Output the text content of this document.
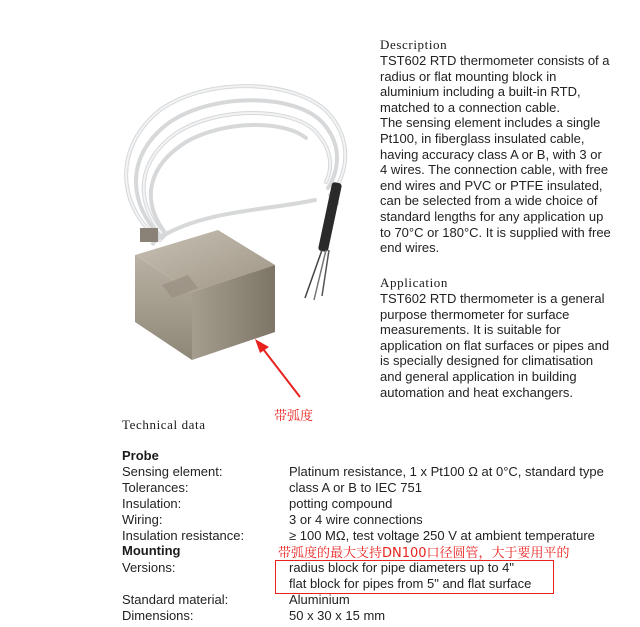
Description

TST602 RTD thermometer consists of a
radius or flat mounting block in
aluminium including a built-in RTD,
matched to a connection cable.
The sensing element includes a single
Pt100, in fiberglass insulated cable,
having accuracy class A or B, with 3 or
4 wires. The connection cable, with free
end wires and PVC or PTFE insulated,
can be selected from a wide choice of
standard lengths for any application up
to 70°C or 180°C. It is supplied with free
end wires.

Application

TST602 RTD thermometer is a general
purpose thermometer for surface
measurements. It is suitable for
application on flat surfaces or pipes and
is specially designed for climatisation
and general application in building
automation and heat exchangers.

带弧度
Technical data
Probe
Sensing element:	Platinum resistance, 1 x Pt100 Ω at 0°C, standard type
Tolerances:	class A or B to IEC 751
Insulation:	potting compound
Wiring:	3 or 4 wire connections
Insulation resistance:	≥ 100 MΩ, test voltage 250 V at ambient temperature
Mounting	带弧度的最大支持DN100口径圆管，大于要用平的
Versions:	radius block for pipe diameters up to 4"
flat block for pipes from 5" and flat surface
Standard material:	Aluminium
Dimensions:	50 x 30 x 15 mm
